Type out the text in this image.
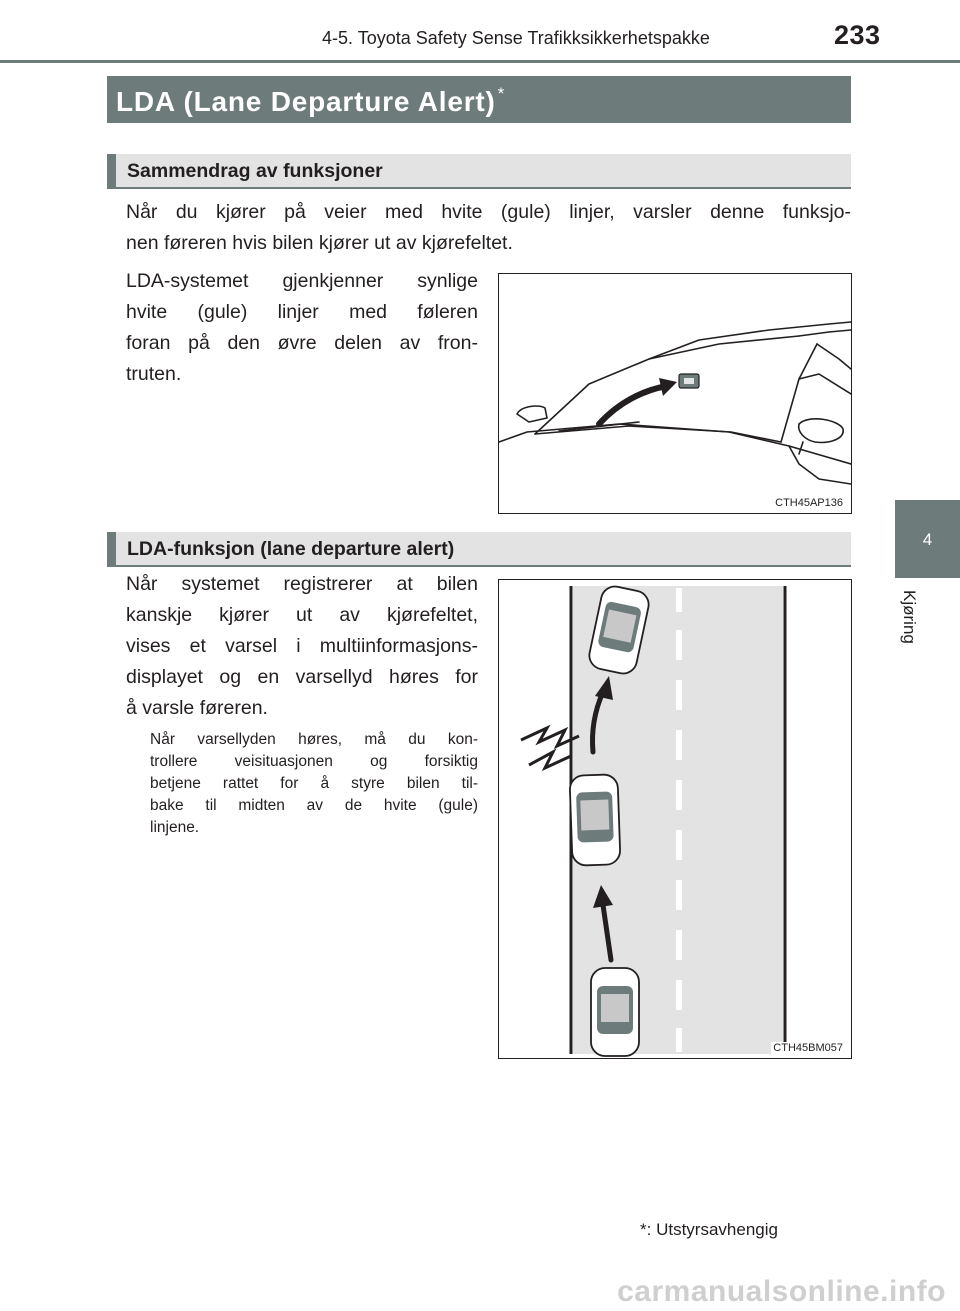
4-5. Toyota Safety Sense Trafikksikkerhetspakke	233
4
Kjøring
LDA (Lane Departure Alert) *
Sammendrag av funksjoner
Når du kjører på veier med hvite (gule) linjer, varsler denne funksjo-
nen føreren hvis bilen kjører ut av kjørefeltet.
LDA-systemet gjenkjenner synlige
hvite (gule) linjer med føleren
foran på den øvre delen av fron-
truten.
CTH45AP136
LDA-funksjon (lane departure alert)
Når systemet registrerer at bilen
kanskje kjører ut av kjørefeltet,
vises et varsel i multiinformasjons-
displayet og en varsellyd høres for
å varsle føreren.
Når varsellyden høres, må du kon-
trollere veisituasjonen og forsiktig
betjene rattet for å styre bilen til-
bake til midten av de hvite (gule)
linjene.
CTH45BM057
*: Utstyrsavhengig
carmanualsonline.info
